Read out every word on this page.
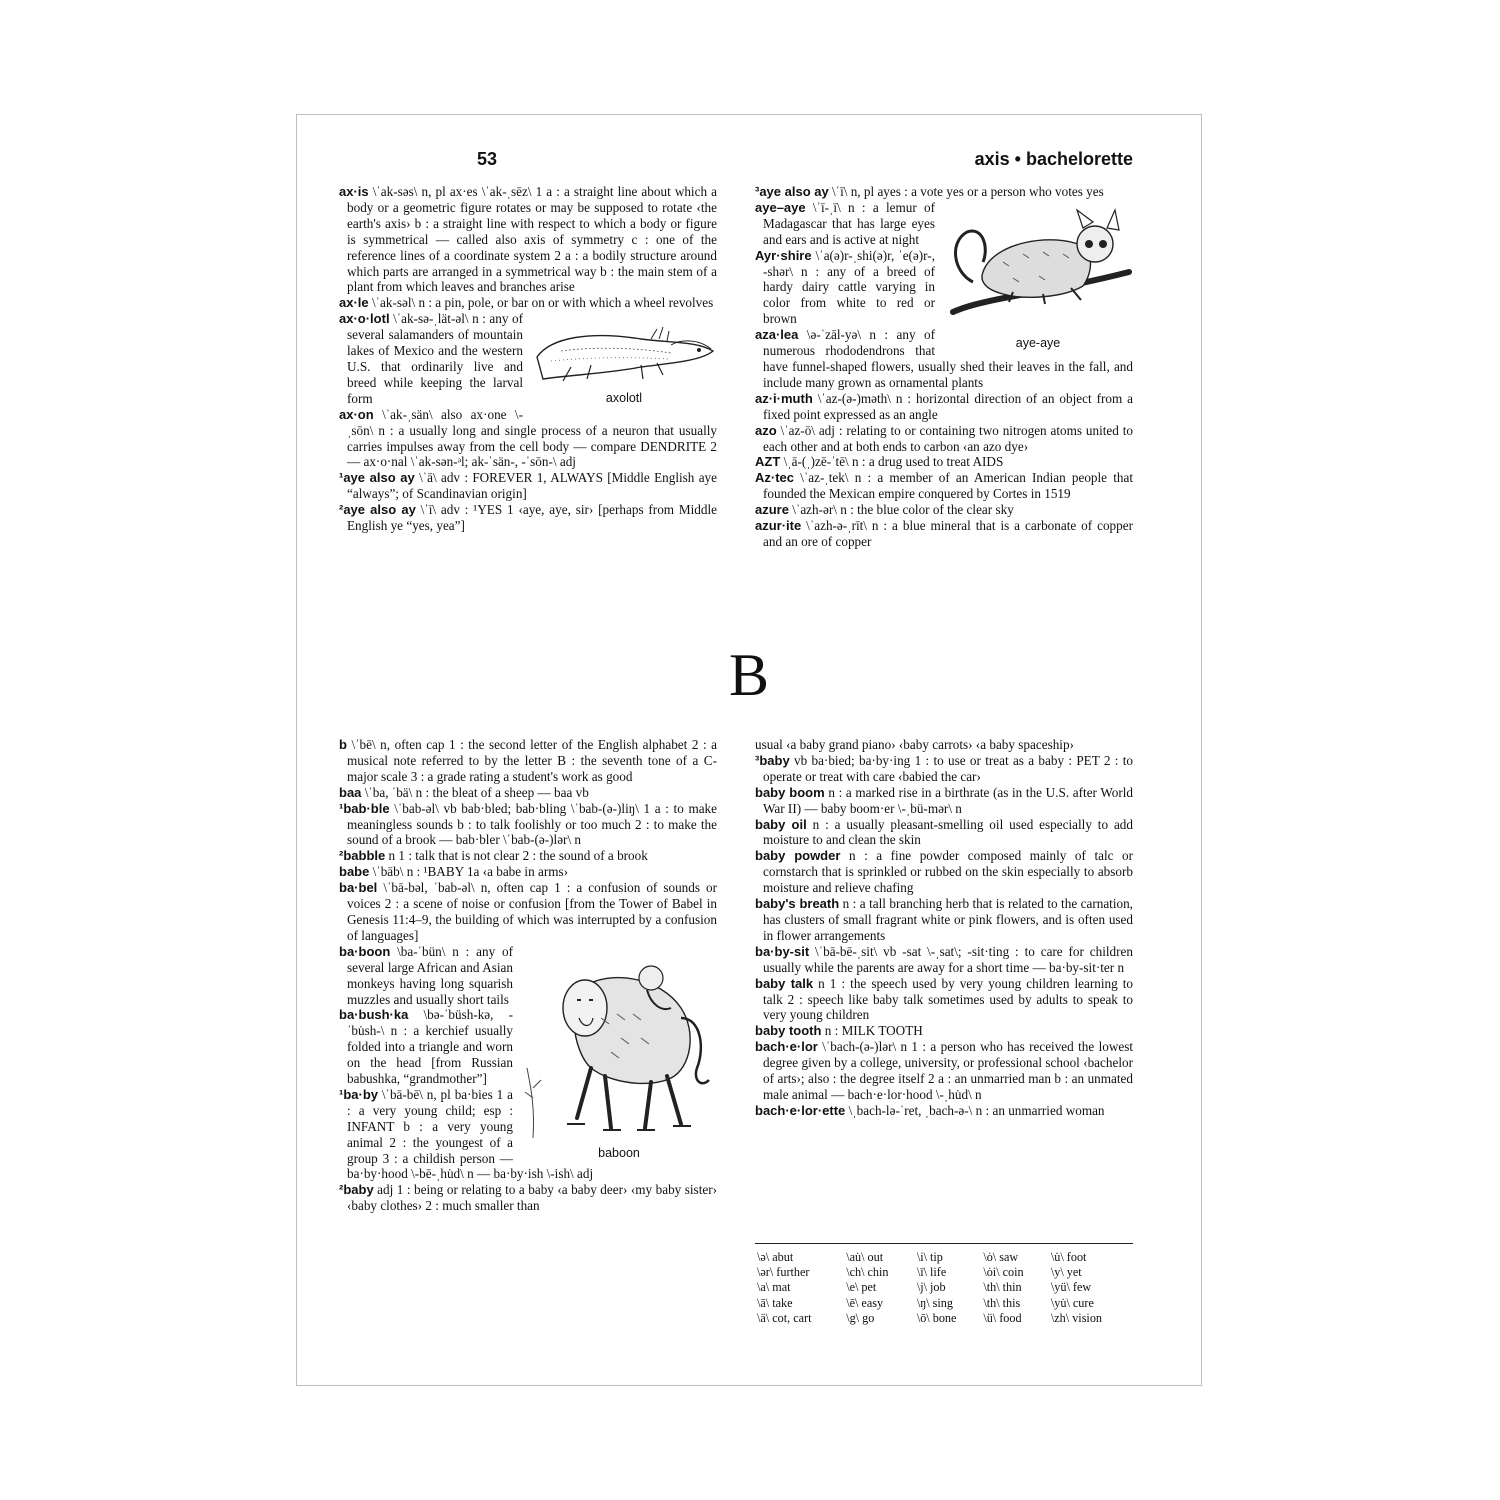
53	axis • bachelorette

ax·is \ˈak-səs\ n, pl ax·es \ˈak-ˌsēz\ 1 a : a straight line about which a body or a geometric figure rotates or may be supposed to rotate ‹the earth's axis› b : a straight line with respect to which a body or figure is symmetrical — called also axis of symmetry c : one of the reference lines of a coordinate system 2 a : a bodily structure around which parts are arranged in a symmetrical way b : the main stem of a plant from which leaves and branches arise

ax·le \ˈak-səl\ n : a pin, pole, or bar on or with which a wheel revolves

axolotl

ax·o·lotl \ˈak-sə-ˌlät-əl\ n : any of several salamanders of mountain lakes of Mexico and the western U.S. that ordinarily live and breed while keeping the larval form

ax·on \ˈak-ˌsän\ also ax·one \-ˌsōn\ n : a usually long and single process of a neuron that usually carries impulses away from the cell body — compare DENDRITE 2 — ax·o·nal \ˈak-sən-ᵊl; ak-ˈsän-, -ˈsōn-\ adj

¹aye also ay \ˈā\ adv : FOREVER 1, ALWAYS [Middle English aye “always”; of Scandinavian origin]

²aye also ay \ˈī\ adv : ¹YES 1 ‹aye, aye, sir› [perhaps from Middle English ye “yes, yea”]

³aye also ay \ˈī\ n, pl ayes : a vote yes or a person who votes yes

aye-aye

aye–aye \ˈī-ˌī\ n : a lemur of Madagascar that has large eyes and ears and is active at night

Ayr·shire \ˈa(ə)r-ˌshi(ə)r, ˈe(ə)r-, -shər\ n : any of a breed of hardy dairy cattle varying in color from white to red or brown

aza·lea \ə-ˈzāl-yə\ n : any of numerous rhododendrons that have funnel-shaped flowers, usually shed their leaves in the fall, and include many grown as ornamental plants

az·i·muth \ˈaz-(ə-)məth\ n : horizontal direction of an object from a fixed point expressed as an angle

azo \ˈaz-ō\ adj : relating to or containing two nitrogen atoms united to each other and at both ends to carbon ‹an azo dye›

AZT \ˌā-(ˌ)zē-ˈtē\ n : a drug used to treat AIDS

Az·tec \ˈaz-ˌtek\ n : a member of an American Indian people that founded the Mexican empire conquered by Cortes in 1519

azure \ˈazh-ər\ n : the blue color of the clear sky

azur·ite \ˈazh-ə-ˌrīt\ n : a blue mineral that is a carbonate of copper and an ore of copper

B

b \ˈbē\ n, often cap 1 : the second letter of the English alphabet 2 : a musical note referred to by the letter B : the seventh tone of a C-major scale 3 : a grade rating a student's work as good

baa \ˈba, ˈbä\ n : the bleat of a sheep — baa vb

¹bab·ble \ˈbab-əl\ vb bab·bled; bab·bling \ˈbab-(ə-)liŋ\ 1 a : to make meaningless sounds b : to talk foolishly or too much 2 : to make the sound of a brook — bab·bler \ˈbab-(ə-)lər\ n

²babble n 1 : talk that is not clear 2 : the sound of a brook

babe \ˈbāb\ n : ¹BABY 1a ‹a babe in arms›

ba·bel \ˈbā-bəl, ˈbab-əl\ n, often cap 1 : a confusion of sounds or voices 2 : a scene of noise or confusion [from the Tower of Babel in Genesis 11:4–9, the building of which was interrupted by a confusion of languages]

baboon

ba·boon \ba-ˈbün\ n : any of several large African and Asian monkeys having long squarish muzzles and usually short tails

ba·bush·ka \bə-ˈbüsh-kə, -ˈbu̇sh-\ n : a kerchief usually folded into a triangle and worn on the head [from Russian babushka, “grandmother”]

¹ba·by \ˈbā-bē\ n, pl ba·bies 1 a : a very young child; esp : INFANT b : a very young animal 2 : the youngest of a group 3 : a childish person — ba·by·hood \-bē-ˌhu̇d\ n — ba·by·ish \-ish\ adj

²baby adj 1 : being or relating to a baby ‹a baby deer› ‹my baby sister› ‹baby clothes› 2 : much smaller than

usual ‹a baby grand piano› ‹baby carrots› ‹a baby spaceship›

³baby vb ba·bied; ba·by·ing 1 : to use or treat as a baby : PET 2 : to operate or treat with care ‹babied the car›

baby boom n : a marked rise in a birthrate (as in the U.S. after World War II) — baby boom·er \-ˌbü-mər\ n

baby oil n : a usually pleasant-smelling oil used especially to add moisture to and clean the skin

baby powder n : a fine powder composed mainly of talc or cornstarch that is sprinkled or rubbed on the skin especially to absorb moisture and relieve chafing

baby's breath n : a tall branching herb that is related to the carnation, has clusters of small fragrant white or pink flowers, and is often used in flower arrangements

ba·by-sit \ˈbā-bē-ˌsit\ vb -sat \-ˌsat\; -sit·ting : to care for children usually while the parents are away for a short time — ba·by-sit·ter n

baby talk n 1 : the speech used by very young children learning to talk 2 : speech like baby talk sometimes used by adults to speak to very young children

baby tooth n : MILK TOOTH

bach·e·lor \ˈbach-(ə-)lər\ n 1 : a person who has received the lowest degree given by a college, university, or professional school ‹bachelor of arts›; also : the degree itself 2 a : an unmarried man b : an unmated male animal — bach·e·lor·hood \-ˌhu̇d\ n

bach·e·lor·ette \ˌbach-lə-ˈret, ˌbach-ə-\ n : an unmarried woman

\ə\ abut	\au̇\ out	\i\ tip	\ȯ\ saw	\u̇\ foot
\ər\ further	\ch\ chin	\ī\ life	\ȯi\ coin	\y\ yet
\a\ mat	\e\ pet	\j\ job	\th\ thin	\yü\ few
\ā\ take	\ē\ easy	\ŋ\ sing	\th\ this	\yu̇\ cure
\ä\ cot, cart	\g\ go	\ō\ bone	\ü\ food	\zh\ vision
